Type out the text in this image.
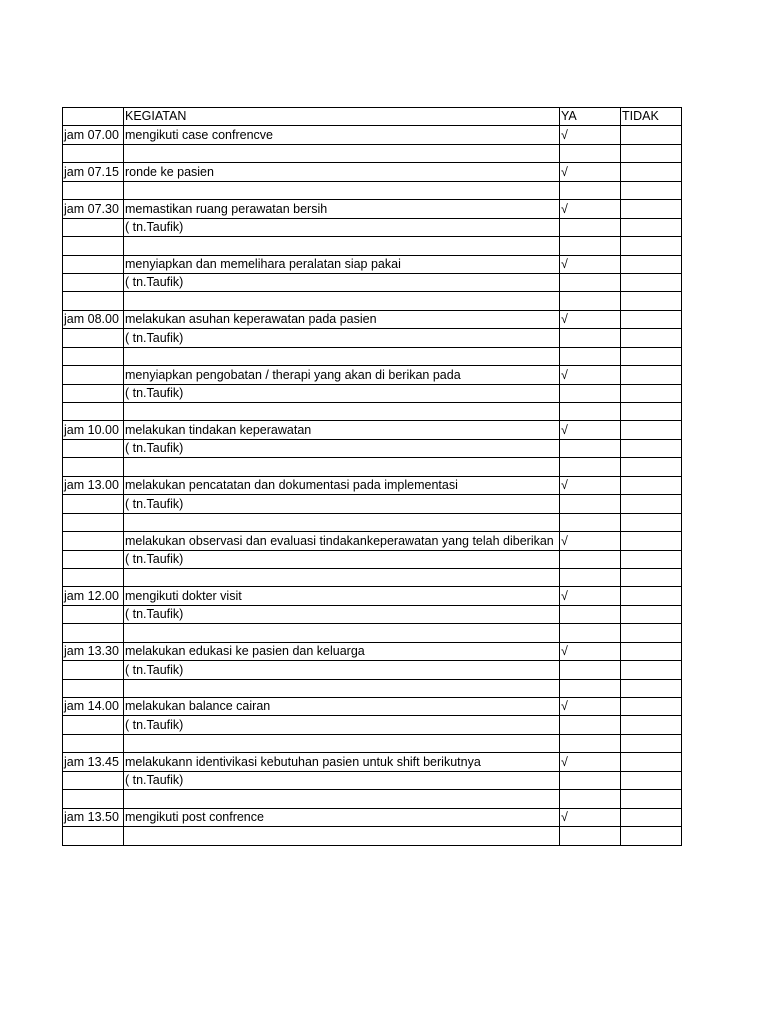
	KEGIATAN	YA	TIDAK
jam 07.00	mengikuti case confrencve	√	

jam 07.15	ronde ke pasien	√	

jam 07.30	memastikan ruang perawatan bersih	√	
	( tn.Taufik)		

	menyiapkan dan memelihara peralatan siap pakai	√	
	( tn.Taufik)		

jam 08.00	melakukan asuhan keperawatan pada pasien	√	
	( tn.Taufik)		

	menyiapkan pengobatan / therapi yang akan di berikan pada	√	
	( tn.Taufik)		

jam 10.00	melakukan tindakan keperawatan	√	
	( tn.Taufik)		

jam 13.00	melakukan pencatatan dan dokumentasi pada implementasi	√	
	( tn.Taufik)		

	melakukan observasi dan evaluasi tindakankeperawatan yang telah diberikan	√	
	( tn.Taufik)		

jam 12.00	mengikuti dokter visit	√	
	( tn.Taufik)		

jam 13.30	melakukan edukasi ke pasien dan keluarga	√	
	( tn.Taufik)		

jam 14.00	melakukan balance cairan	√	
	( tn.Taufik)		

jam 13.45	melakukann identivikasi kebutuhan pasien untuk shift berikutnya	√	
	( tn.Taufik)		

jam 13.50	mengikuti post confrence	√	
